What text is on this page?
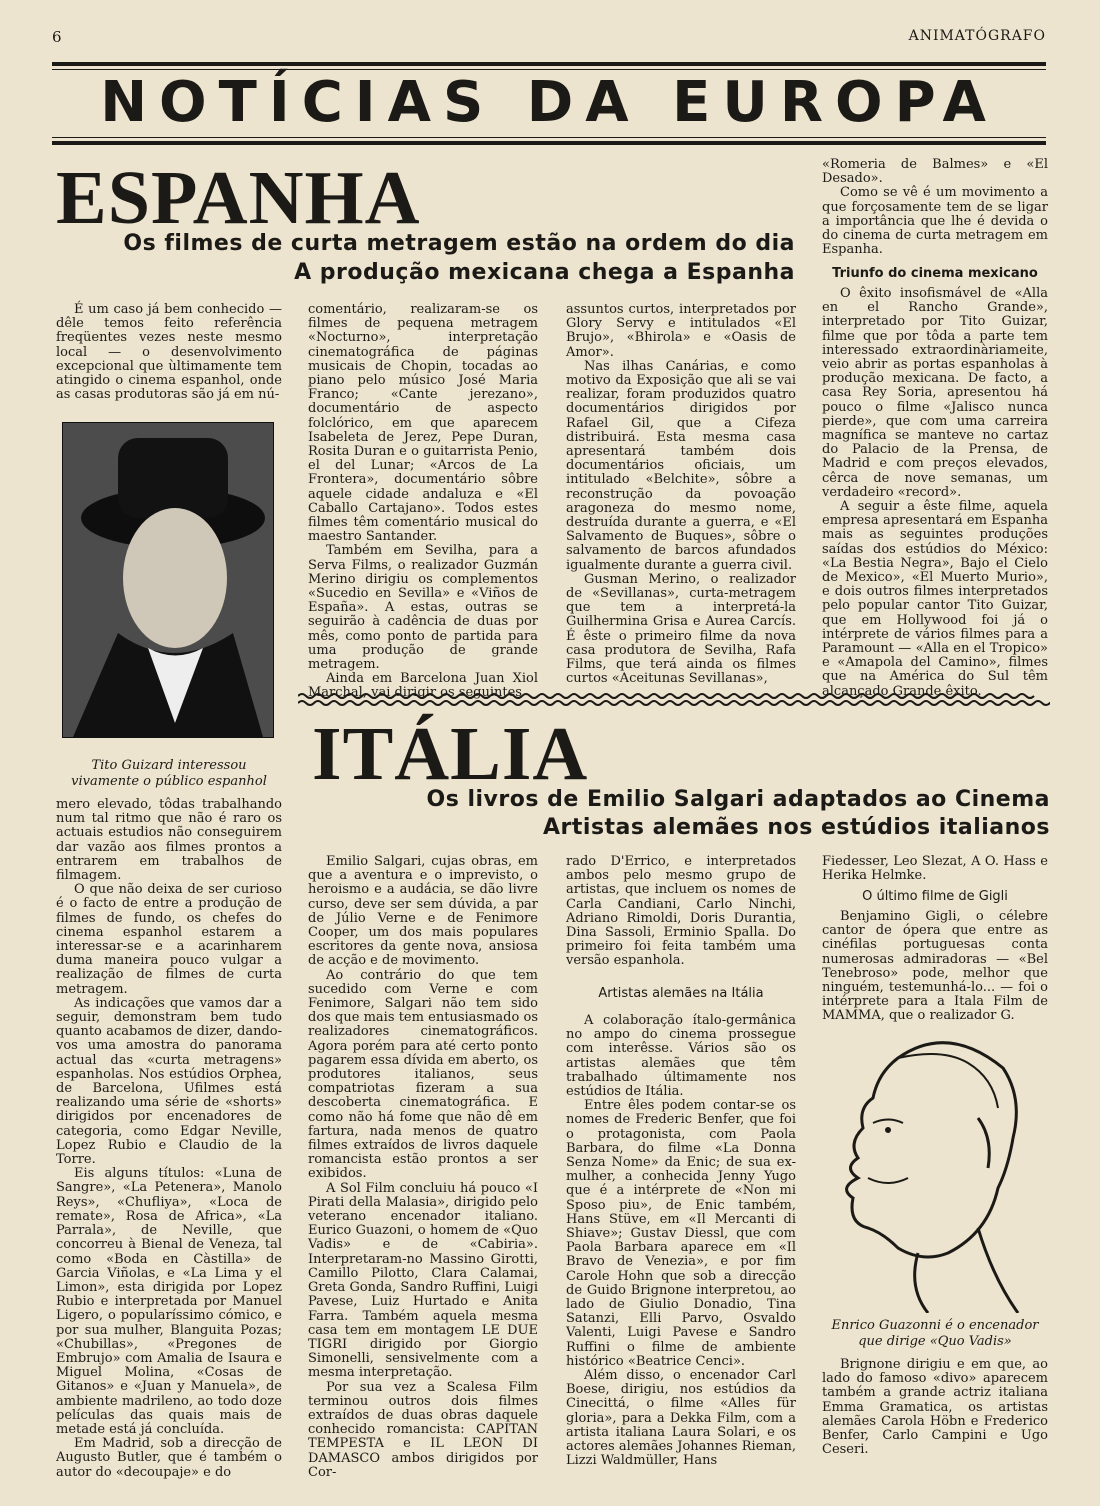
6	ANIMATÓGRAFO
NOTÍCIAS DA EUROPA
ESPANHA
Os filmes de curta metragem estão na ordem do dia
A produção mexicana chega a Espanha

É um caso já bem conhecido — dêle temos feito referência freqüentes vezes neste mesmo local — o desenvolvimento excepcional que ùltimamente tem atingido o cinema espanhol, onde as casas produtoras são já em nú-

Tito Guizard interessou vivamente o público espanhol

mero elevado, tôdas trabalhando num tal ritmo que não é raro os actuais estudios não conseguirem dar vazão aos filmes prontos a entrarem em trabalhos de filmagem.

O que não deixa de ser curioso é o facto de entre a produção de filmes de fundo, os chefes do cinema espanhol estarem a interessar-se e a acarinharem duma maneira pouco vulgar a realização de filmes de curta metragem.

As indicações que vamos dar a seguir, demonstram bem tudo quanto acabamos de dizer, dando-vos uma amostra do panorama actual das «curta metragens» espanholas. Nos estúdios Orphea, de Barcelona, Ufilmes está realizando uma série de «shorts» dirigidos por encenadores de categoria, como Edgar Neville, Lopez Rubio e Claudio de la Torre.

Eis alguns títulos: «Luna de Sangre», «La Petenera», Manolo Reys», «Chufliya», «Loca de remate», Rosa de Africa», «La Parrala», de Neville, que concorreu à Bienal de Veneza, tal como «Boda en Càstilla» de Garcia Viñolas, e «La Lima y el Limon», esta dirigida por Lopez Rubio e interpretada por Manuel Ligero, o popularíssimo cómico, e por sua mulher, Blanguita Pozas; «Chubillas», «Pregones de Embrujo» com Amalia de Isaura e Miguel Molina, «Cosas de Gitanos» e «Juan y Manuela», de ambiente madrileno, ao todo doze películas das quais mais de metade está já concluída.

Em Madrid, sob a direcção de Augusto Butler, que é também o autor do «decoupaje» e do

comentário, realizaram-se os filmes de pequena metragem «Nocturno», interpretação cinematográfica de páginas musicais de Chopin, tocadas ao piano pelo músico José Maria Franco; «Cante jerezano», documentário de aspecto folclórico, em que aparecem Isabeleta de Jerez, Pepe Duran, Rosita Duran e o guitarrista Penio, el del Lunar; «Arcos de La Frontera», documentário sôbre aquele cidade andaluza e «El Caballo Cartajano». Todos estes filmes têm comentário musical do maestro Santander.

Também em Sevilha, para a Serva Films, o realizador Guzmán Merino dirigiu os complementos «Sucedio en Sevilla» e «Viños de España». A estas, outras se seguirão à cadência de duas por mês, como ponto de partida para uma produção de grande metragem.

Ainda em Barcelona Juan Xiol Marchal, vai dirigir os seguintes

assuntos curtos, interpretados por Glory Servy e intitulados «El Brujo», «Bhirola» e «Oasis de Amor».

Nas ilhas Canárias, e como motivo da Exposição que ali se vai realizar, foram produzidos quatro documentários dirigidos por Rafael Gil, que a Cifeza distribuirá. Esta mesma casa apresentará também dois documentários oficiais, um intitulado «Belchite», sôbre a reconstrução da povoação aragoneza do mesmo nome, destruída durante a guerra, e «El Salvamento de Buques», sôbre o salvamento de barcos afundados igualmente durante a guerra civil.

Gusman Merino, o realizador de «Sevillanas», curta-metragem que tem a interpretá-la Guilhermina Grisa e Aurea Carcís. É êste o primeiro filme da nova casa produtora de Sevilha, Rafa Films, que terá ainda os filmes curtos «Aceitunas Sevillanas»,

«Romeria de Balmes» e «El Desado».

Como se vê é um movimento a que forçosamente tem de se ligar a importância que lhe é devida o do cinema de curta metragem em Espanha.

Triunfo do cinema mexicano

O êxito insofismável de «Alla en el Rancho Grande», interpretado por Tito Guizar, filme que por tôda a parte tem interessado extraordinàriameite, veio abrir as portas espanholas à produção mexicana. De facto, a casa Rey Soria, apresentou há pouco o filme «Jalisco nunca pierde», que com uma carreira magnífica se manteve no cartaz do Palacio de la Prensa, de Madrid e com preços elevados, cêrca de nove semanas, um verdadeiro «record».

A seguir a êste filme, aquela empresa apresentará em Espanha mais as seguintes produções saídas dos estúdios do México: «La Bestia Negra», Bajo el Cielo de Mexico», «El Muerto Murio», e dois outros filmes interpretados pelo popular cantor Tito Guizar, que em Hollywood foi já o intérprete de vários filmes para a Paramount — «Alla en el Tropico» e «Amapola del Camino», filmes que na América do Sul têm alcançado Grande êxito.

ITÁLIA
Os livros de Emilio Salgari adaptados ao Cinema
Artistas alemães nos estúdios italianos

Emilio Salgari, cujas obras, em que a aventura e o imprevisto, o heroismo e a audácia, se dão livre curso, deve ser sem dúvida, a par de Júlio Verne e de Fenimore Cooper, um dos mais populares escritores da gente nova, ansiosa de acção e de movimento.

Ao contrário do que tem sucedido com Verne e com Fenimore, Salgari não tem sido dos que mais tem entusiasmado os realizadores cinematográficos. Agora porém para até certo ponto pagarem essa dívida em aberto, os produtores italianos, seus compatriotas fizeram a sua descoberta cinematográfica. E como não há fome que não dê em fartura, nada menos de quatro filmes extraídos de livros daquele romancista estão prontos a ser exibidos.

A Sol Film concluiu há pouco «I Pirati della Malasia», dirigido pelo veterano encenador italiano. Eurico Guazoni, o homem de «Quo Vadis» e de «Cabiria». Interpretaram-no Massino Girotti, Camillo Pilotto, Clara Calamai, Greta Gonda, Sandro Ruffini, Luigi Pavese, Luiz Hurtado e Anita Farra. Também aquela mesma casa tem em montagem LE DUE TIGRI dirigido por Giorgio Simonelli, sensivelmente com a mesma interpretação.

Por sua vez a Scalesa Film terminou outros dois filmes extraídos de duas obras daquele conhecido romancista: CAPITAN TEMPESTA e IL LEON DI DAMASCO ambos dirigidos por Cor-

rado D'Errico, e interpretados ambos pelo mesmo grupo de artistas, que incluem os nomes de Carla Candiani, Carlo Ninchi, Adriano Rimoldi, Doris Durantia, Dina Sassoli, Erminio Spalla. Do primeiro foi feita também uma versão espanhola.

Artistas alemães na Itália

A colaboração ítalo-germânica no ampo do cinema prossegue com interêsse. Vários são os artistas alemães que têm trabalhado últimamente nos estúdios de Itália.

Entre êles podem contar-se os nomes de Frederic Benfer, que foi o protagonista, com Paola Barbara, do filme «La Donna Senza Nome» da Enic; de sua ex-mulher, a conhecida Jenny Yugo que é a intérprete de «Non mi Sposo piu», de Enic também, Hans Stüve, em «Il Mercanti di Shiave»; Gustav Diessl, que com Paola Barbara aparece em «Il Bravo de Venezia», e por fim Carole Hohn que sob a direcção de Guido Brignone interpretou, ao lado de Giulio Donadio, Tina Satanzi, Elli Parvo, Osvaldo Valenti, Luigi Pavese e Sandro Ruffini o filme de ambiente histórico «Beatrice Cenci».

Além disso, o encenador Carl Boese, dirigiu, nos estúdios da Cinecittá, o filme «Alles für gloria», para a Dekka Film, com a artista italiana Laura Solari, e os actores alemães Johannes Rieman, Lizzi Waldmüller, Hans

Fiedesser, Leo Slezat, A O. Hass e Herika Helmke.

O último filme de Gigli

Benjamino Gigli, o célebre cantor de ópera que entre as cinéfilas portuguesas conta numerosas admiradoras — «Bel Tenebroso» pode, melhor que ninguém, testemunhá-lo... — foi o intérprete para a Itala Film de MAMMA, que o realizador G.

Enrico Guazonni é o encenador que dirige «Quo Vadis»

Brignone dirigiu e em que, ao lado do famoso «divo» aparecem também a grande actriz italiana Emma Gramatica, os artistas alemães Carola Höbn e Frederico Benfer, Carlo Campini e Ugo Ceseri.
